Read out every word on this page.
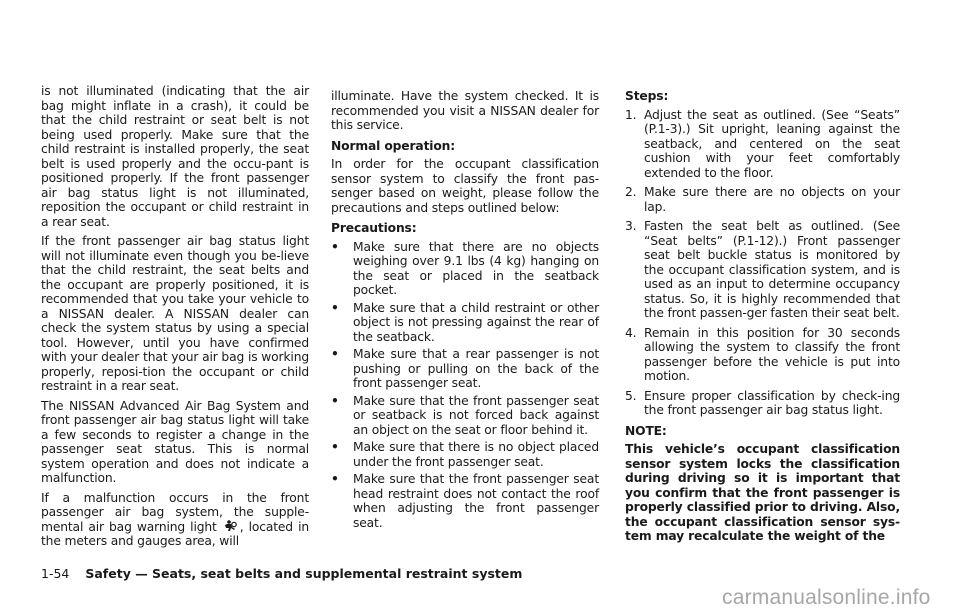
is not illuminated (indicating that the air bag might inflate in a crash), it could be that the child restraint or seat belt is not being used properly. Make sure that the child restraint is installed properly, the seat belt is used properly and the occu-pant is positioned properly. If the front passenger air bag status light is not illuminated, reposition the occupant or child restraint in a rear seat.

If the front passenger air bag status light will not illuminate even though you be-lieve that the child restraint, the seat belts and the occupant are properly positioned, it is recommended that you take your vehicle to a NISSAN dealer. A NISSAN dealer can check the system status by using a special tool. However, until you have confirmed with your dealer that your air bag is working properly, reposi-tion the occupant or child restraint in a rear seat.

The NISSAN Advanced Air Bag System and front passenger air bag status light will take a few seconds to register a change in the passenger seat status. This is normal system operation and does not indicate a malfunction.

If a malfunction occurs in the front passenger air bag system, the supple-mental air bag warning light , located in the meters and gauges area, will

illuminate. Have the system checked. It is recommended you visit a NISSAN dealer for this service.

Normal operation:

In order for the occupant classification sensor system to classify the front pas-senger based on weight, please follow the precautions and steps outlined below:

Precautions:
• Make sure that there are no objects weighing over 9.1 lbs (4 kg) hanging on the seat or placed in the seatback pocket.
• Make sure that a child restraint or other object is not pressing against the rear of the seatback.
• Make sure that a rear passenger is not pushing or pulling on the back of the front passenger seat.
• Make sure that the front passenger seat or seatback is not forced back against an object on the seat or floor behind it.
• Make sure that there is no object placed under the front passenger seat.
• Make sure that the front passenger seat head restraint does not contact the roof when adjusting the front passenger seat.
Steps:
1. Adjust the seat as outlined. (See “Seats” (P.1-3).) Sit upright, leaning against the seatback, and centered on the seat cushion with your feet comfortably extended to the floor.
2. Make sure there are no objects on your lap.
3. Fasten the seat belt as outlined. (See “Seat belts” (P.1-12).) Front passenger seat belt buckle status is monitored by the occupant classification system, and is used as an input to determine occupancy status. So, it is highly recommended that the front passen-ger fasten their seat belt.
4. Remain in this position for 30 seconds allowing the system to classify the front passenger before the vehicle is put into motion.
5. Ensure proper classification by check-ing the front passenger air bag status light.
NOTE:

This vehicle’s occupant classification sensor system locks the classification during driving so it is important that you confirm that the front passenger is properly classified prior to driving. Also, the occupant classification sensor sys-tem may recalculate the weight of the

1-54 Safety — Seats, seat belts and supplemental restraint system
carmanualsonline.info
